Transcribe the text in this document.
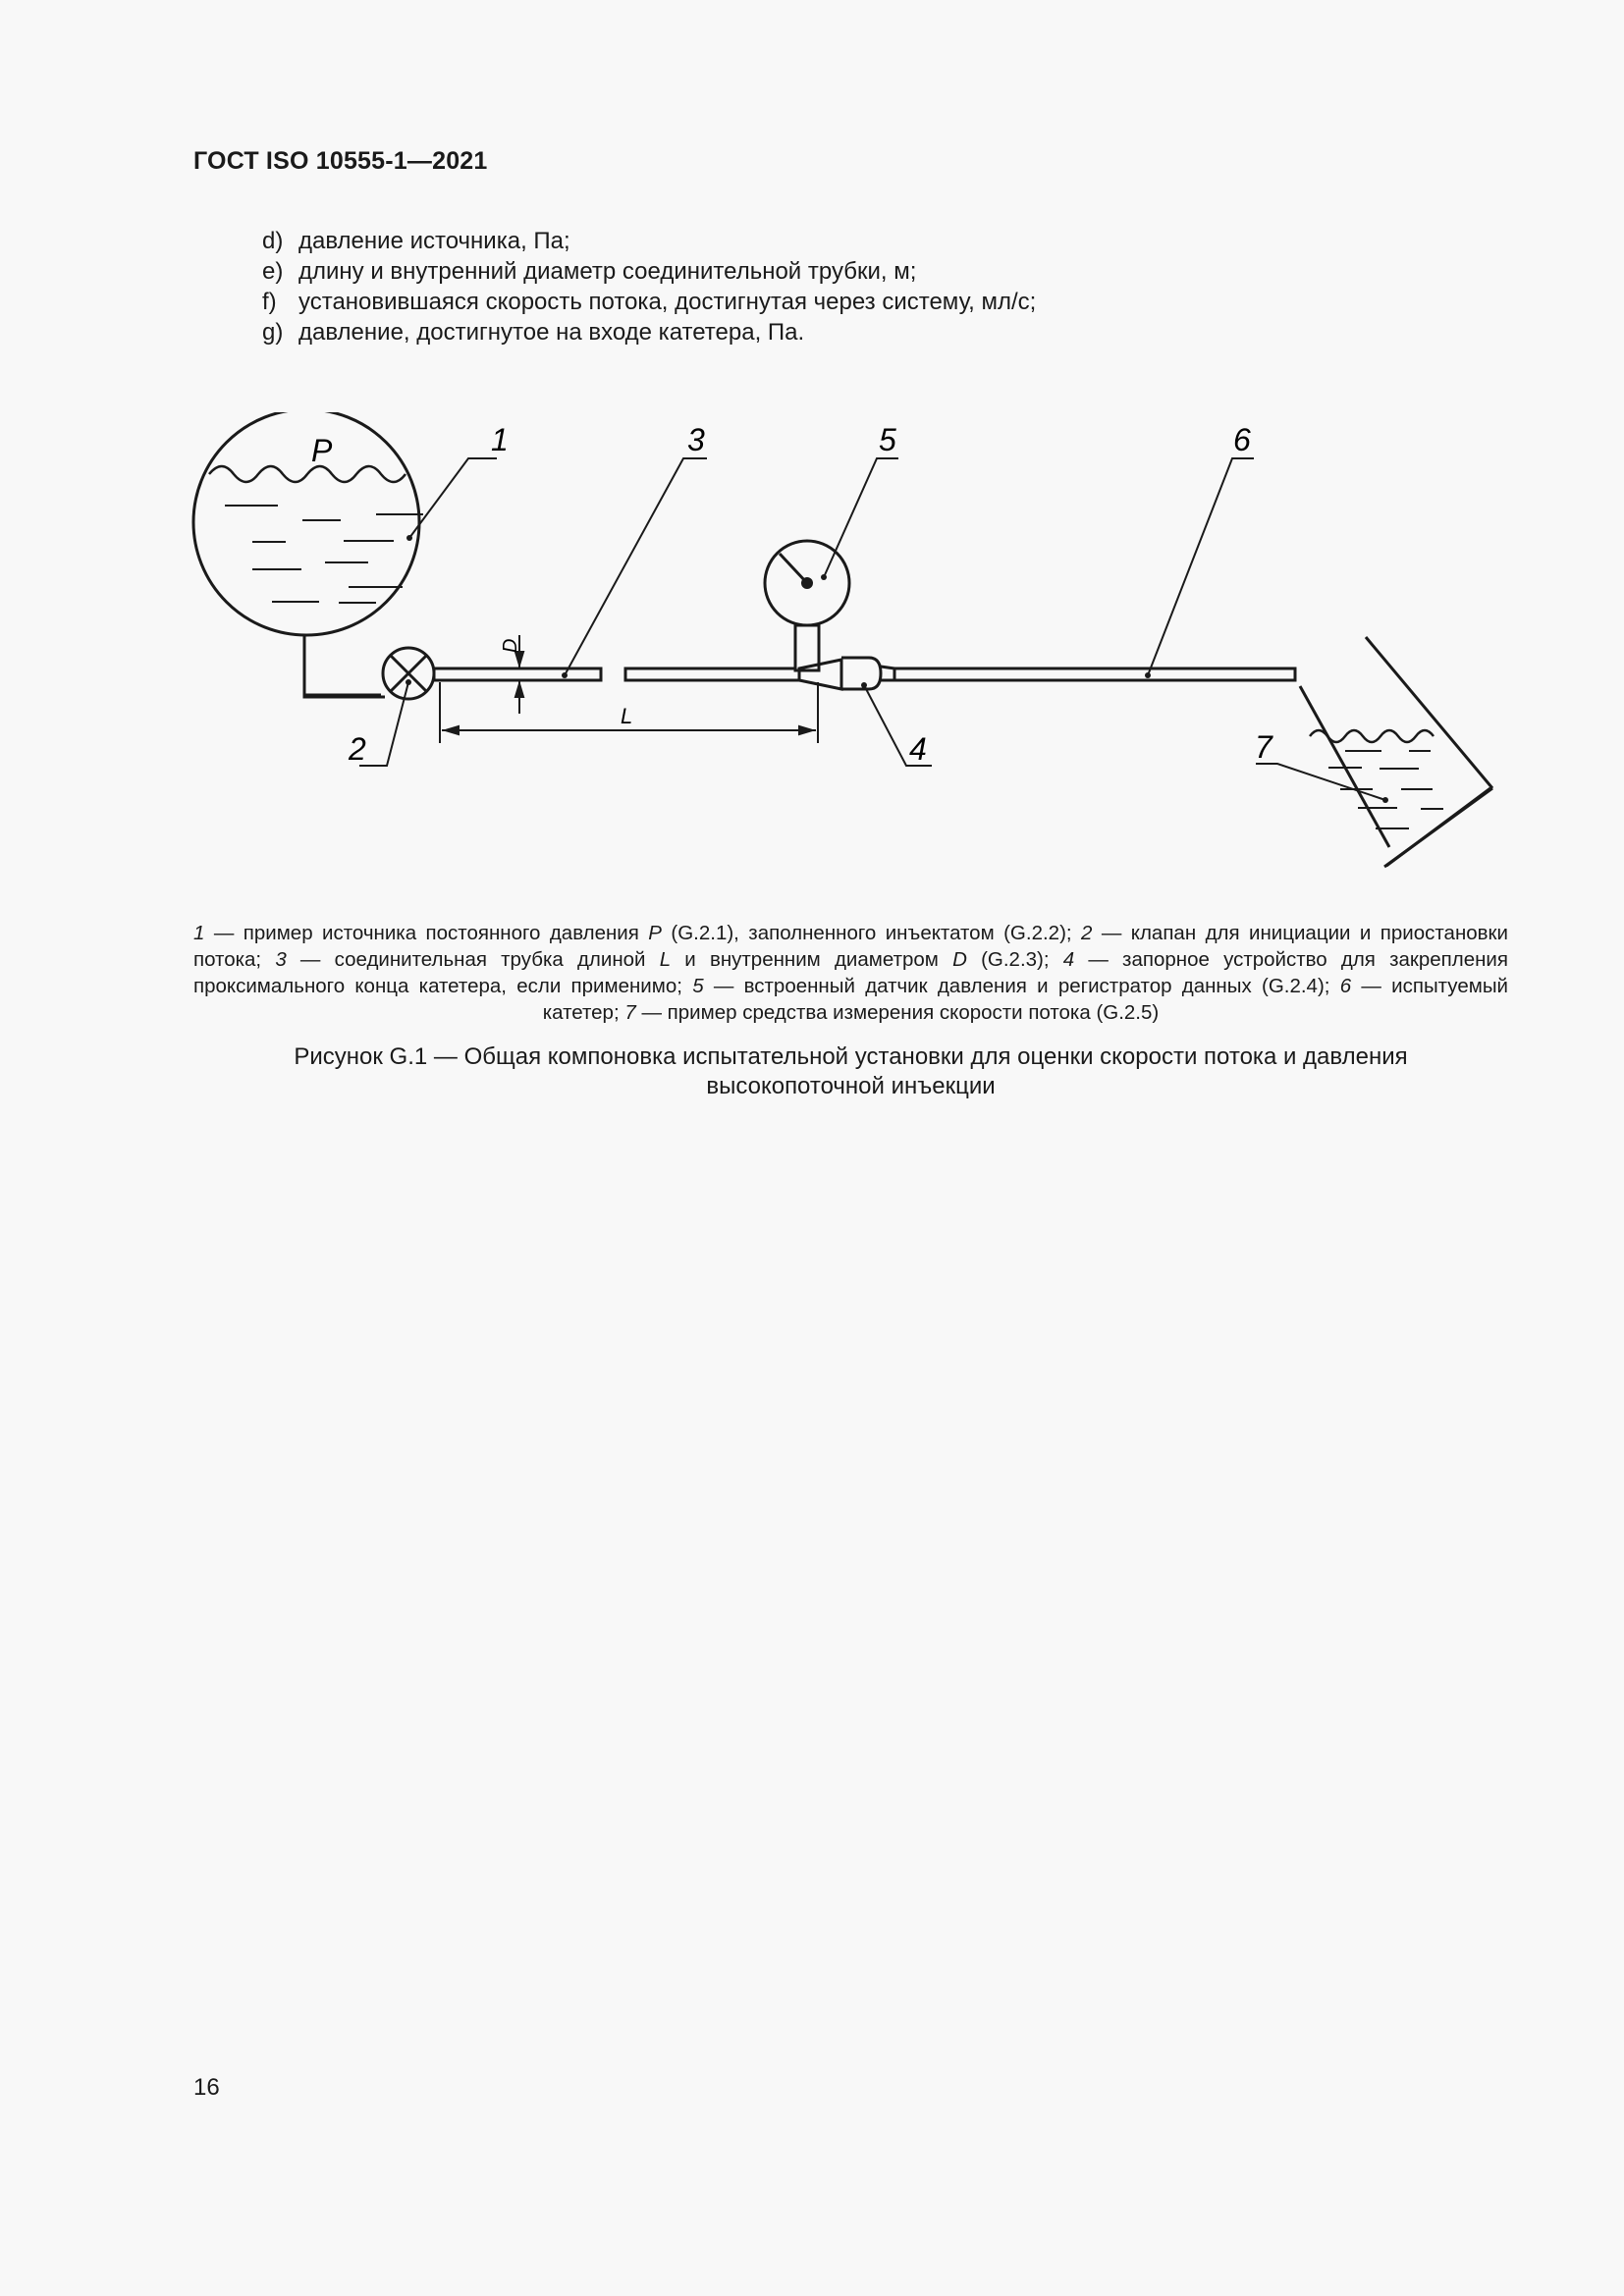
ГОСТ ISO 10555-1—2021
d) давление источника, Па;
e) длину и внутренний диаметр соединительной трубки, м;
f) установившаяся скорость потока, достигнутая через систему, мл/с;
g) давление, достигнутое на входе катетера, Па.
P
D
L
1	3	5	6
2	4	7

1 — пример источника постоянного давления P (G.2.1), заполненного инъектатом (G.2.2); 2 — клапан для инициации и приостановки потока; 3 — соединительная трубка длиной L и внутренним диаметром D (G.2.3); 4 — запорное устройство для закрепления проксимального конца катетера, если применимо; 5 — встроенный датчик давления и регистратор данных (G.2.4); 6 — испытуемый катетер; 7 — пример средства измерения скорости потока (G.2.5)

Рисунок G.1 — Общая компоновка испытательной установки для оценки скорости потока и давления
высокопоточной инъекции

16
